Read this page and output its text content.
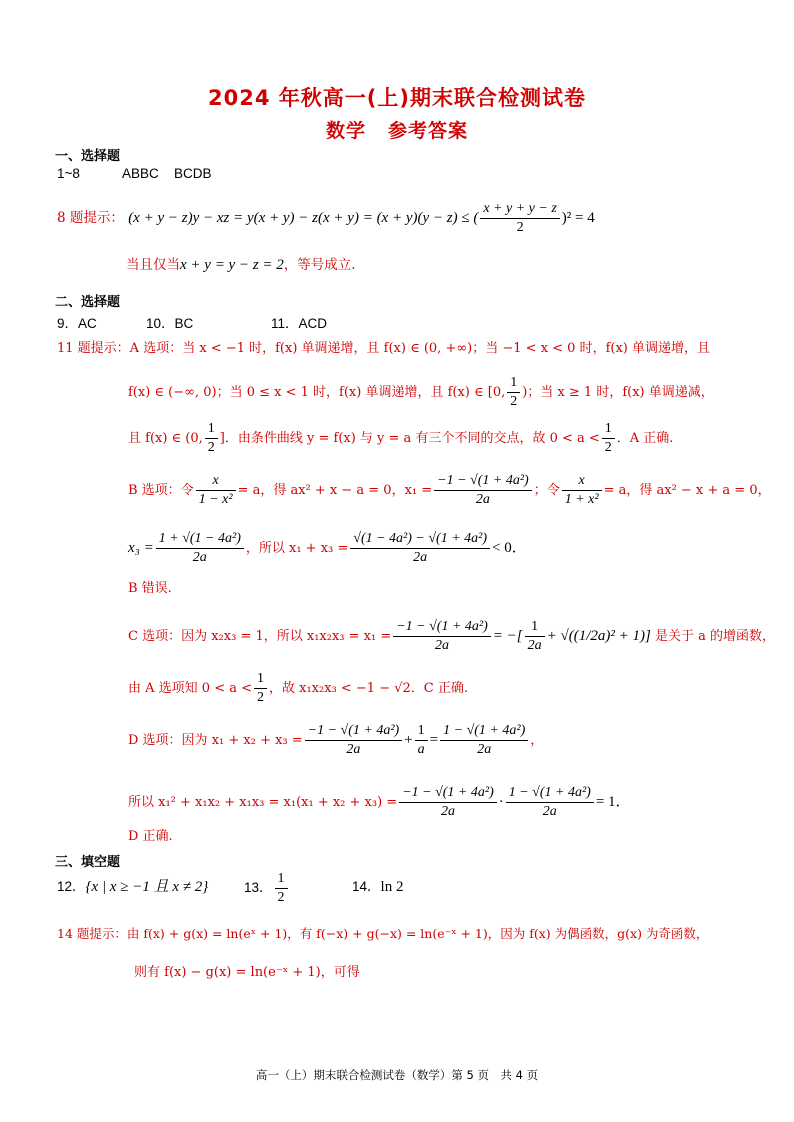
2024 年秋高一(上)期末联合检测试卷
数学 参考答案
一、选择题
1~8	ABBC BCDB
8 题提示： (x + y − z)y − xz = y(x + y) − z(x + y) = (x + y)(y − z) ≤ ( $\frac{x + y + y - z}{2} )^2 = 4$
当且仅当x + y = y − z = 2，等号成立.
二、选择题
9．AC	10．BC	11．ACD
11 题提示：A 选项：当 x < −1 时，f(x) 单调递增，且 f(x) ∈ (0, +∞)；当 −1 < x < 0 时，f(x) 单调递增，且
f(x) ∈ (−∞, 0)；当 0 ≤ x < 1 时，f(x) 单调递增，且 f(x) ∈ [0, $\frac{1}{2}$ )；当 x ≥ 1 时，f(x) 单调递减，
且 f(x) ∈ (0, $\frac{1}{2}$ ]．由条件曲线 y = f(x) 与 y = a 有三个不同的交点，故 $0 < a < \frac{1}{2}$ ．A 正确.
B 选项：令 $\frac{x}{\text{1 − x²}} = a$，得 ax² + x − a = 0，$x_1 = \frac{\text{−1 − √(1 + 4a²)}}{2a}$ ；令 $\frac{x}{\text{1 + x²}} = a$，得 ax² − x + a = 0，
$x_3 = \frac{\text{1 + √(1 − 4a²)}}{2a}$ ，所以 $x_1 + x_3 = \frac{\text{√(1 − 4a²) − √(1 + 4a²)}}{2a} < 0$．
B 错误.
C 选项：因为 x₂x₃ = 1，所以 $x_1x_2x_3 = x_1 = \frac{\text{−1 − √(1 + 4a²)}}{2a}$ = −[ $\frac{1}{2a} + √((1/2a)^2 + 1)$] 是关于 a 的增函数，
由 A 选项知 $0 < a < \frac{1}{2}$ ，故 x₁x₂x₃ < −1 − √2．C 正确.
D 选项：因为 $x_1 + x_2 + x_3 = \frac{\text{−1 − √(1 + 4a²)}}{2a} + \frac{1}{a} = \frac{\text{1 − √(1 + 4a²)}}{2a}$ ，
所以 $x_1^2 + x_1x_2 + x_1x_3 = x_1(x_1 + x_2 + x_3) = \frac{\text{−1 − √(1 + 4a²)}}{2a} \cdot \frac{\text{1 − √(1 + 4a²)}}{2a} = 1$．
D 正确.
三、填空题
12．{x | x ≥ −1 且 x ≠ 2}	13． $\frac{1}{2}$	14．ln 2
14 题提示：由 f(x) + g(x) = ln(eˣ + 1)，有 f(−x) + g(−x) = ln(e⁻ˣ + 1)，因为 f(x) 为偶函数，g(x) 为奇函数，
则有 f(x) − g(x) = ln(e⁻ˣ + 1)，可得
高一（上）期末联合检测试卷（数学）第 5 页　共 4 页
